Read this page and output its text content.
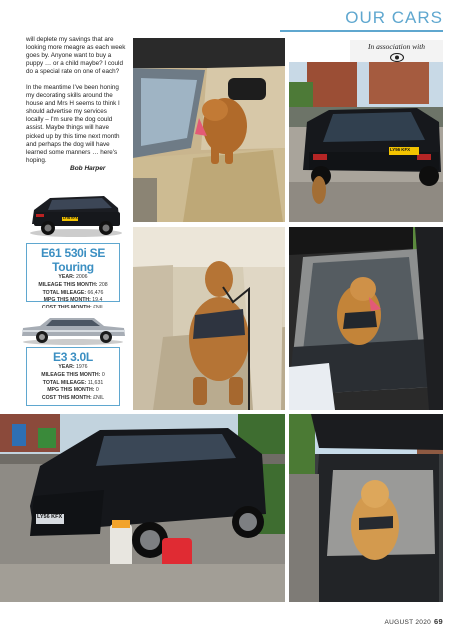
OUR CARS
In association with

will deplete my savings that are looking more meagre as each week goes by. Anyone want to buy a puppy … or a child maybe? I could do a special rate on one of each?

In the meantime I've been honing my decorating skills around the house and Mrs H seems to think I should advertise my services locally – I'm sure the dog could assist. Maybe things will have picked up by this time next month and perhaps the dog will have learned some manners … here's hoping.

Bob Harper
LY56 KFX
E61 530i SE Touring
YEAR: 2006
MILEAGE THIS MONTH: 208
TOTAL MILEAGE: 66,476
MPG THIS MONTH: 19.4
E3 3.0L
YEAR: 1976
MILEAGE THIS MONTH: 0
TOTAL MILEAGE: 11,631
MPG THIS MONTH: 0
COST THIS MONTH: £NIL
LY56 KFX
LY56 KFX
AUGUST 2020 69
